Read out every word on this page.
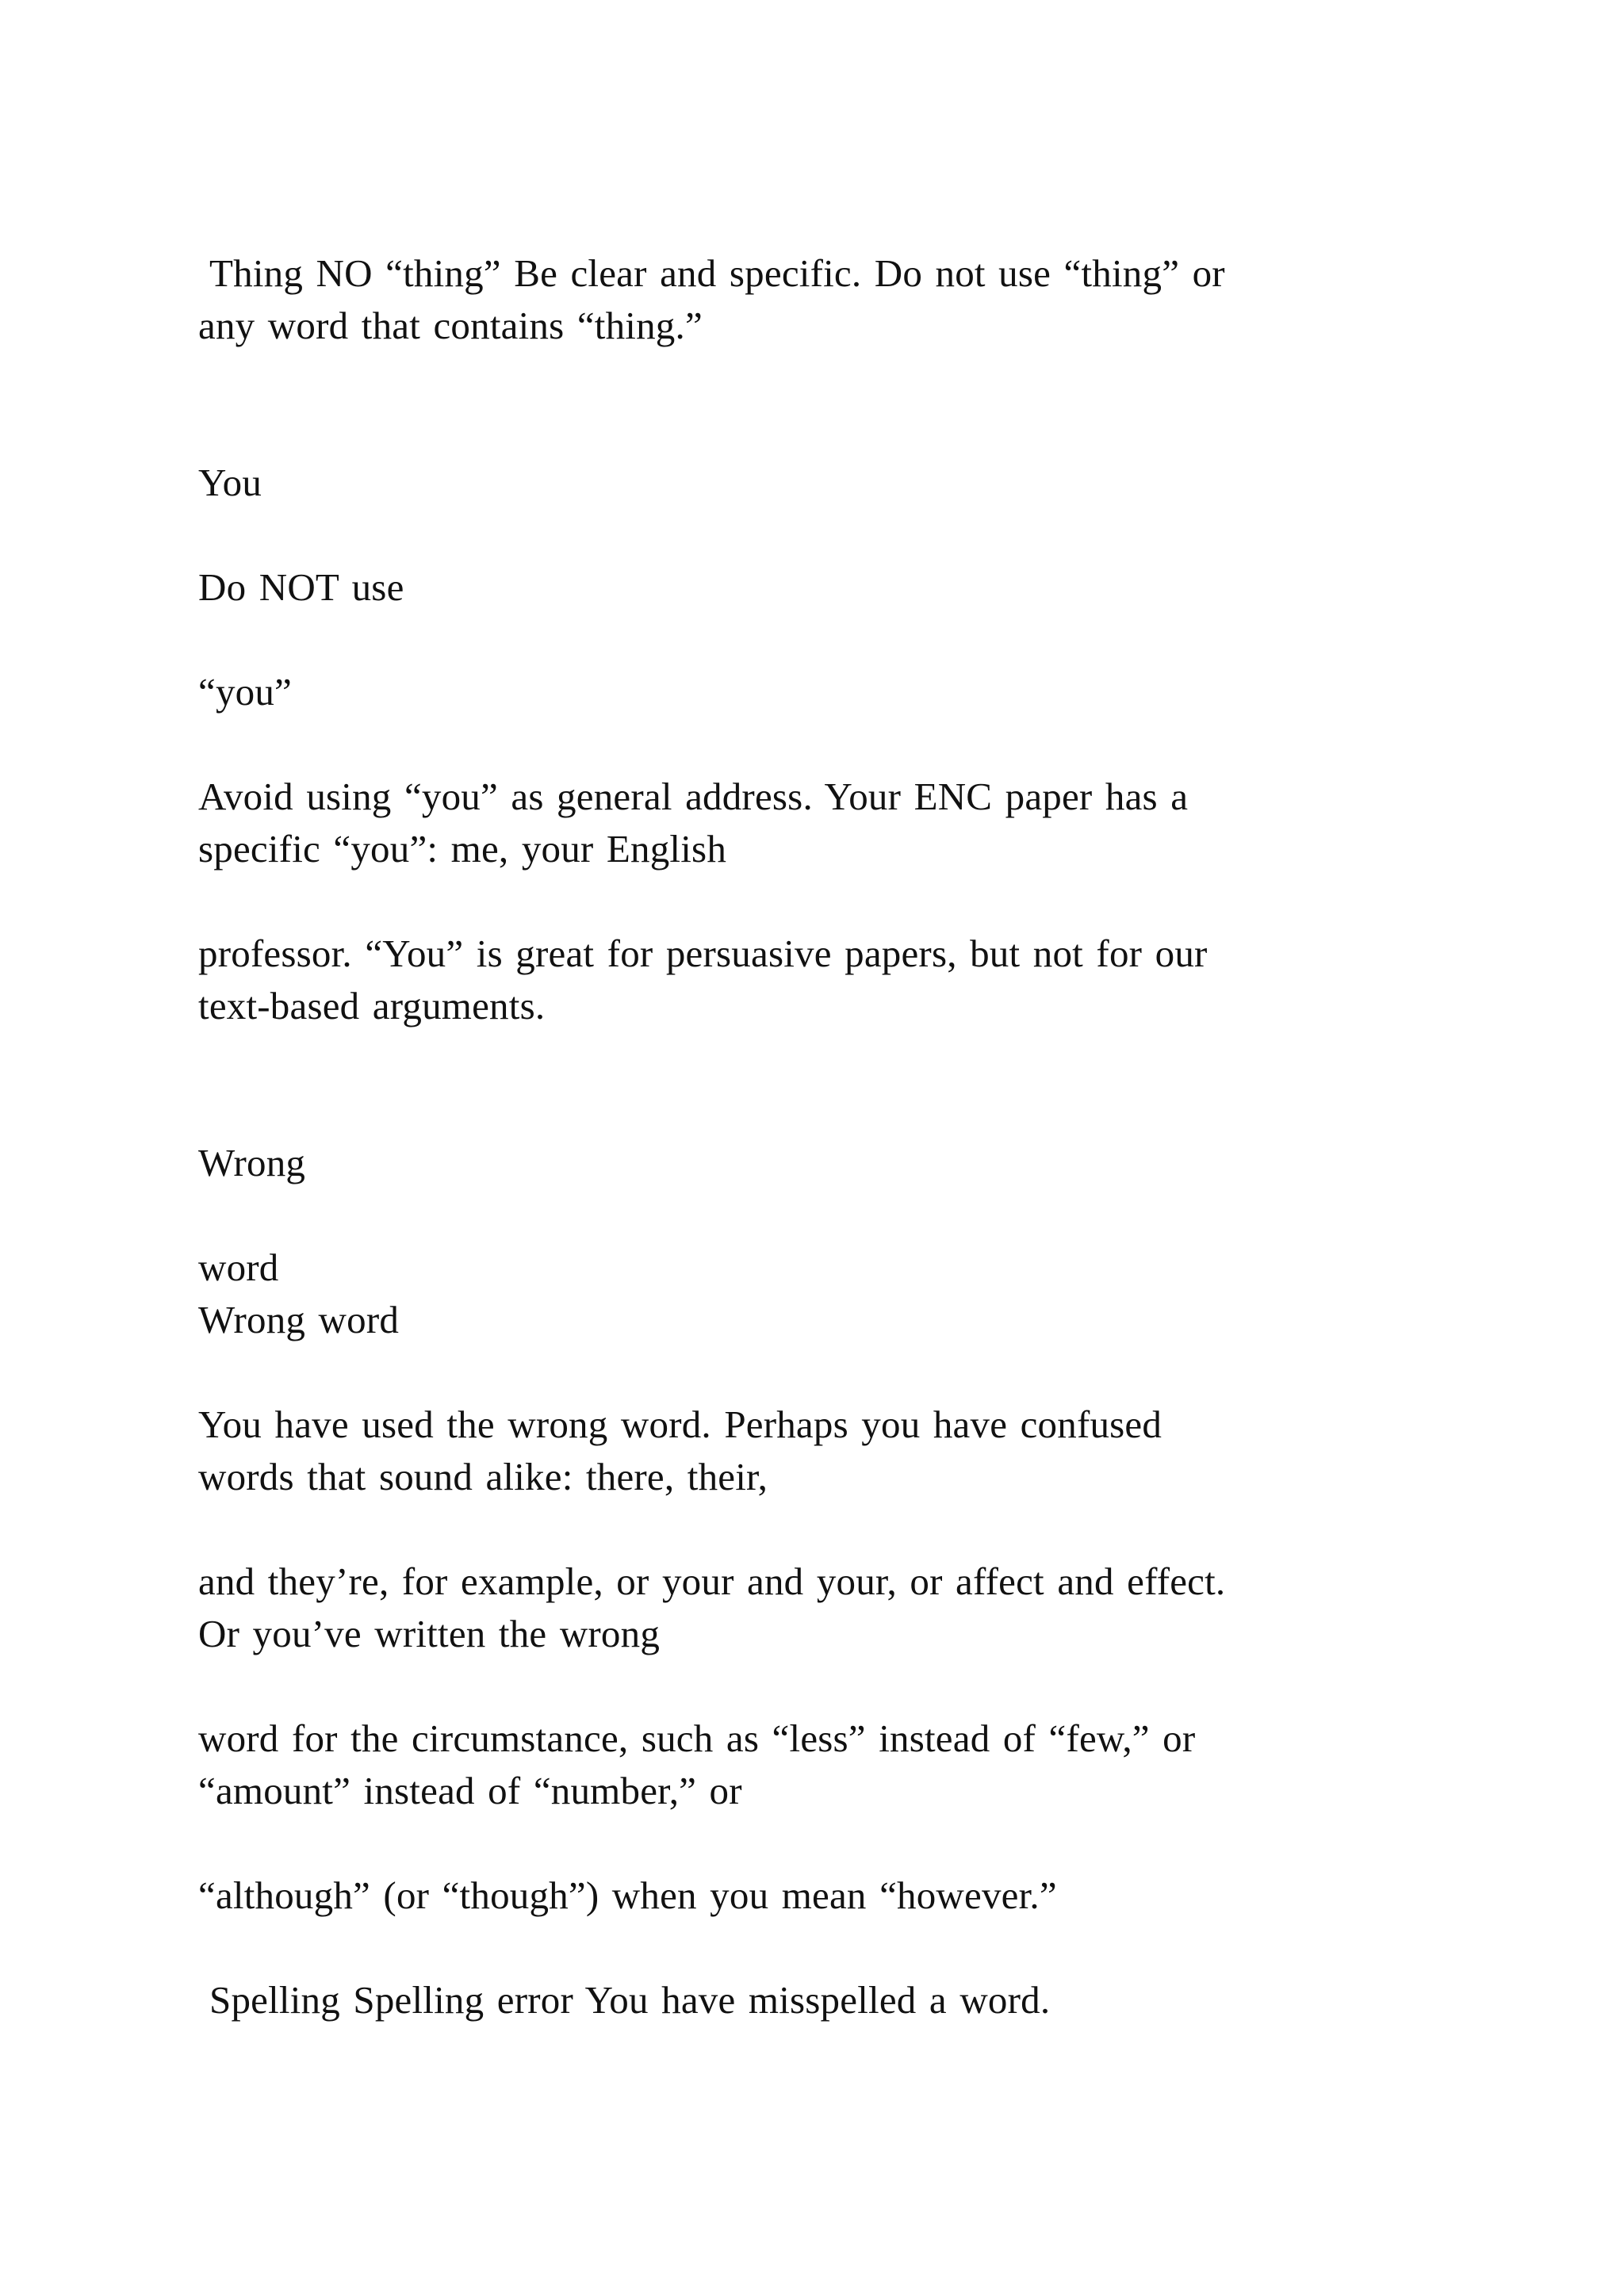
Thing NO “thing” Be clear and specific. Do not use “thing” or

any word that contains “thing.”

You

Do NOT use

“you”

Avoid using “you” as general address. Your ENC paper has a

specific “you”: me, your English

professor. “You” is great for persuasive papers, but not for our

text-based arguments.

Wrong

word

Wrong word

You have used the wrong word. Perhaps you have confused

words that sound alike: there, their,

and they’re, for example, or your and your, or affect and effect.

Or you’ve written the wrong

word for the circumstance, such as “less” instead of “few,” or

“amount” instead of “number,” or

“although” (or “though”) when you mean “however.”

Spelling Spelling error You have misspelled a word.
